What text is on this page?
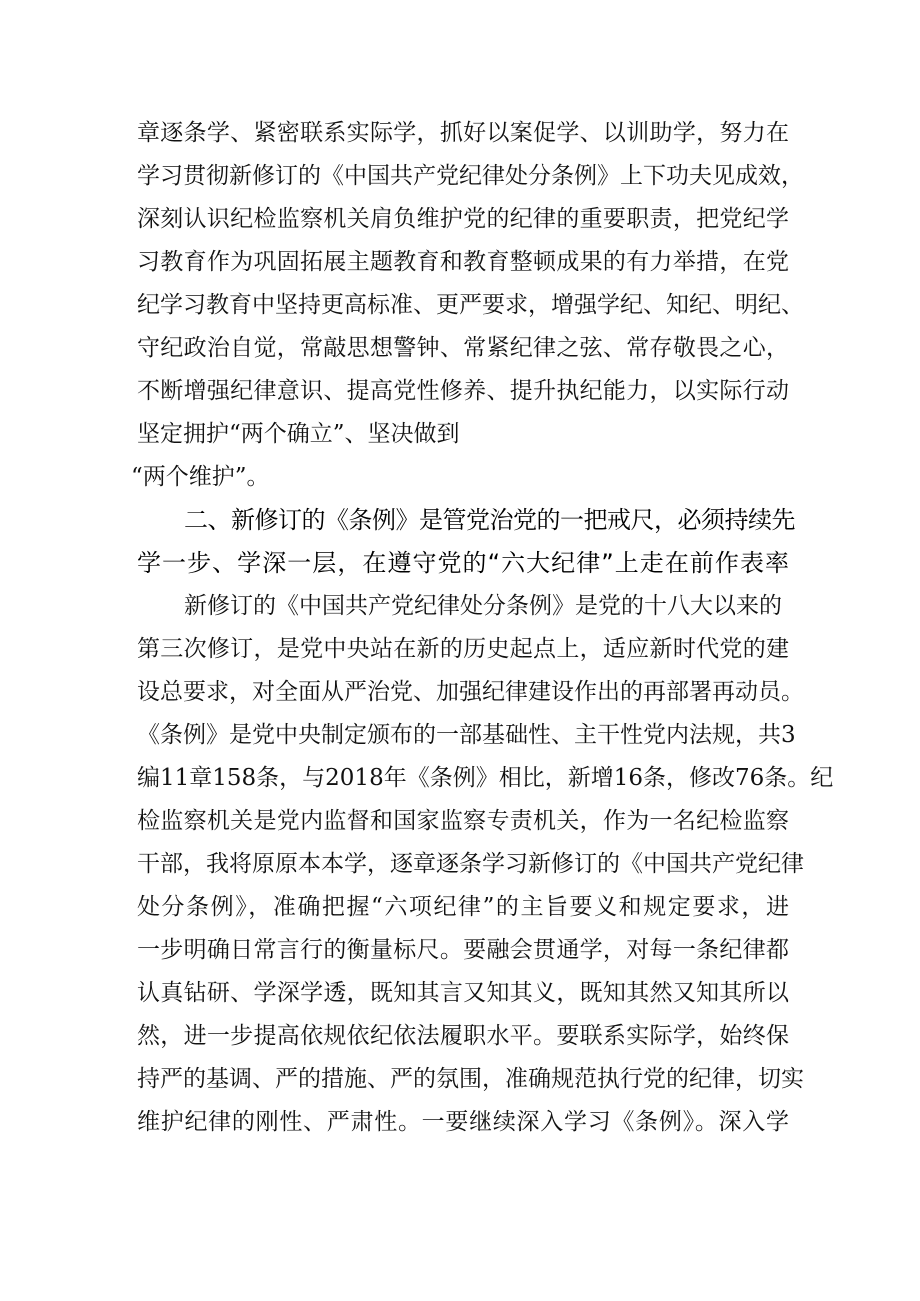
章逐条学、紧密联系实际学，抓好以案促学、以训助学，努力在
学习贯彻新修订的《中国共产党纪律处分条例》上下功夫见成效，
深刻认识纪检监察机关肩负维护党的纪律的重要职责，把党纪学
习教育作为巩固拓展主题教育和教育整顿成果的有力举措，在党
纪学习教育中坚持更高标准、更严要求，增强学纪、知纪、明纪、
守纪政治自觉，常敲思想警钟、常紧纪律之弦、常存敬畏之心，
不断增强纪律意识、提高党性修养、提升执纪能力，以实际行动
坚定拥护“两个确立”、坚决做到
“两个维护”。
二、新修订的《条例》是管党治党的一把戒尺，必须持续先
学一步、学深一层，在遵守党的“六大纪律”上走在前作表率
新修订的《中国共产党纪律处分条例》是党的十八大以来的
第三次修订，是党中央站在新的历史起点上，适应新时代党的建
设总要求，对全面从严治党、加强纪律建设作出的再部署再动员。
《条例》是党中央制定颁布的一部基础性、主干性党内法规，共3
编11章158条，与2018年《条例》相比，新增16条，修改76条。纪
检监察机关是党内监督和国家监察专责机关，作为一名纪检监察
干部，我将原原本本学，逐章逐条学习新修订的《中国共产党纪律
处分条例》，准确把握“六项纪律”的主旨要义和规定要求，进
一步明确日常言行的衡量标尺。要融会贯通学，对每一条纪律都
认真钻研、学深学透，既知其言又知其义，既知其然又知其所以
然，进一步提高依规依纪依法履职水平。要联系实际学，始终保
持严的基调、严的措施、严的氛围，准确规范执行党的纪律，切实
维护纪律的刚性、严肃性。一要继续深入学习《条例》。深入学
